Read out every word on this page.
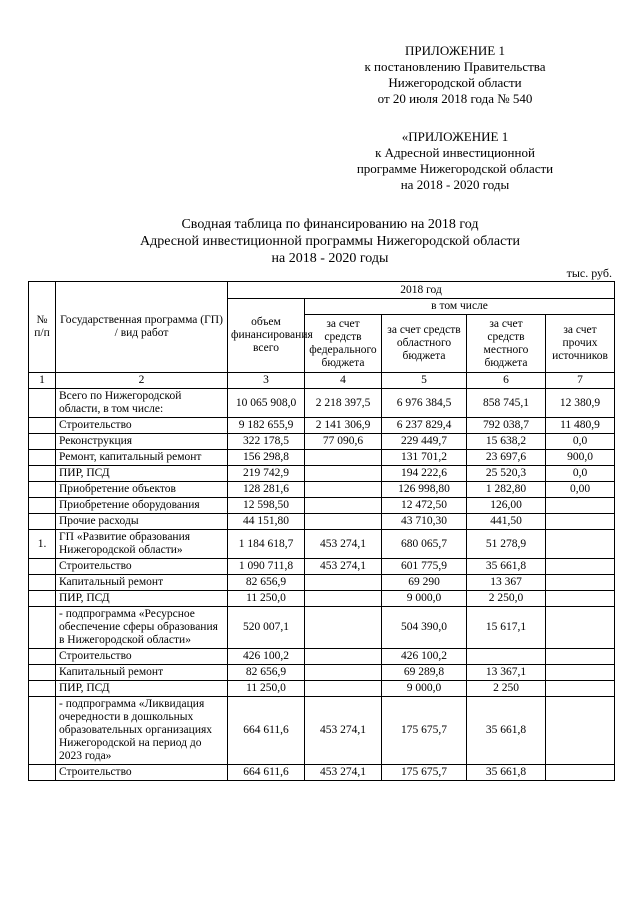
ПРИЛОЖЕНИЕ 1
к постановлению Правительства
Нижегородской области
от 20 июля 2018 года № 540
«ПРИЛОЖЕНИЕ 1
к Адресной инвестиционной
программе Нижегородской области
на 2018 - 2020 годы
Сводная таблица по финансированию на 2018 год
Адресной инвестиционной программы Нижегородской области
на 2018 - 2020 годы
тыс. руб.
№ п/п	Государственная программа (ГП) / вид работ	2018 год				
		объем финансирования всего	в том числе			
			за счет средств федерального бюджета	за счет средств областного бюджета	за счет средств местного бюджета	за счет прочих источников
1	2	3	4	5	6	7
	Всего по Нижегородской области, в том числе:	10 065 908,0	2 218 397,5	6 976 384,5	858 745,1	12 380,9
	Строительство	9 182 655,9	2 141 306,9	6 237 829,4	792 038,7	11 480,9
	Реконструкция	322 178,5	77 090,6	229 449,7	15 638,2	0,0
	Ремонт, капитальный ремонт	156 298,8		131 701,2	23 697,6	900,0
	ПИР, ПСД	219 742,9		194 222,6	25 520,3	0,0
	Приобретение объектов	128 281,6		126 998,80	1 282,80	0,00
	Приобретение оборудования	12 598,50		12 472,50	126,00	
	Прочие расходы	44 151,80		43 710,30	441,50	
1.	ГП «Развитие образования Нижегородской области»	1 184 618,7	453 274,1	680 065,7	51 278,9	
	Строительство	1 090 711,8	453 274,1	601 775,9	35 661,8	
	Капитальный ремонт	82 656,9		69 290	13 367	
	ПИР, ПСД	11 250,0		9 000,0	2 250,0	
	- подпрограмма «Ресурсное обеспечение сферы образования в Нижегородской области»	520 007,1		504 390,0	15 617,1	
	Строительство	426 100,2		426 100,2		
	Капитальный ремонт	82 656,9		69 289,8	13 367,1	
	ПИР, ПСД	11 250,0		9 000,0	2 250	
	- подпрограмма «Ликвидация очередности в дошкольных образовательных организациях Нижегородской на период до 2023 года»	664 611,6	453 274,1	175 675,7	35 661,8	
	Строительство	664 611,6	453 274,1	175 675,7	35 661,8	
